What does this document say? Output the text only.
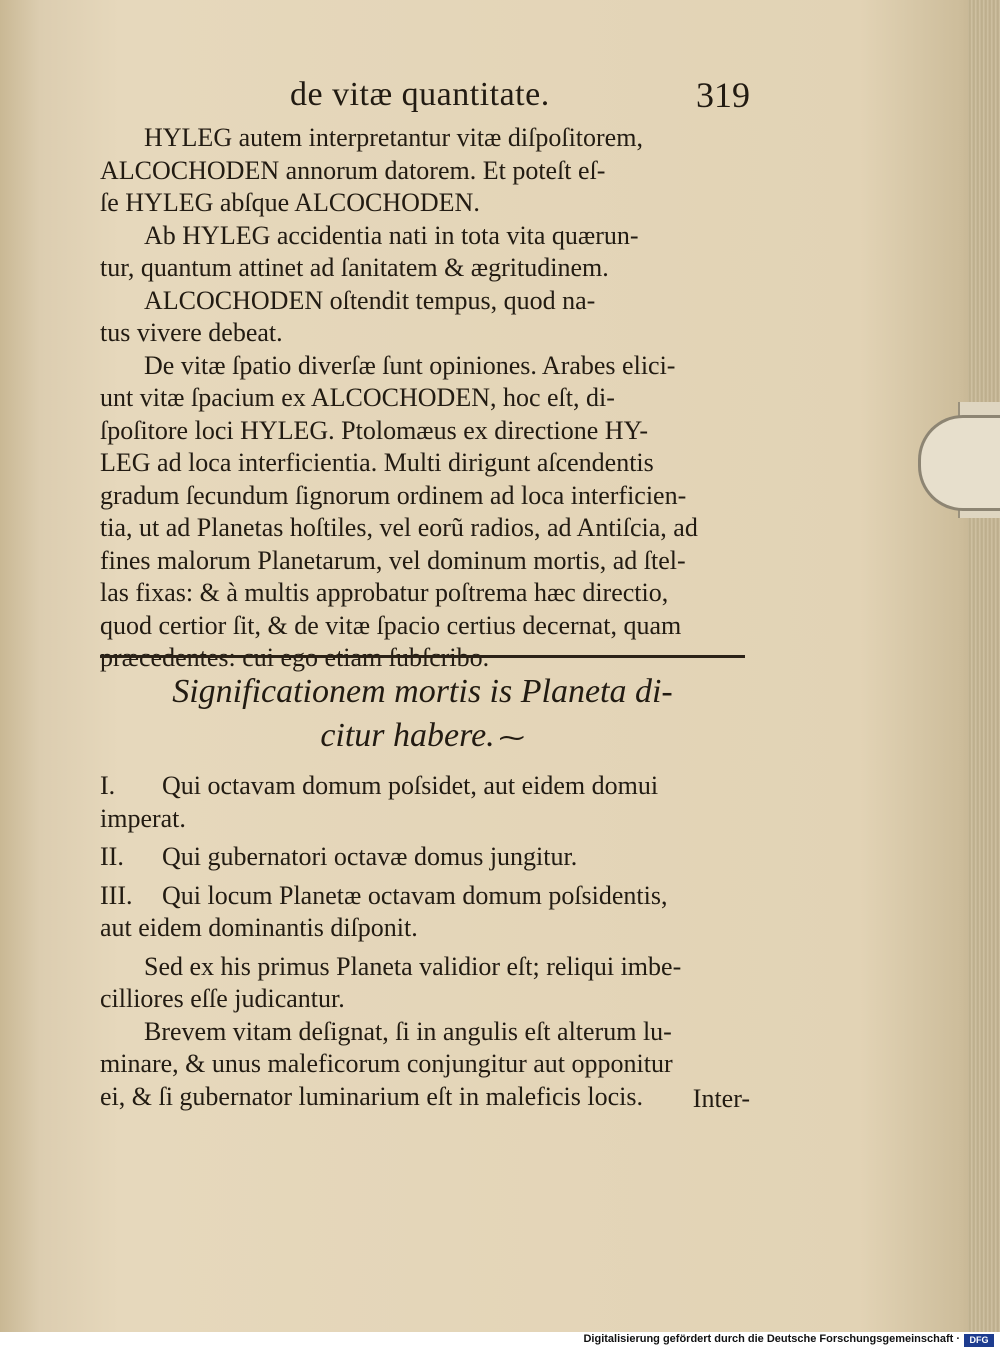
de vitæ quantitate.	319

HYLEG autem interpretantur vitæ diſpoſitorem,
ALCOCHODEN annorum datorem. Et poteſt eſ-
ſe HYLEG abſque ALCOCHODEN.

Ab HYLEG accidentia nati in tota vita quærun-
tur, quantum attinet ad ſanitatem & ægritudinem.

ALCOCHODEN oſtendit tempus, quod na-
tus vivere debeat.

De vitæ ſpatio diverſæ ſunt opiniones. Arabes elici-
unt vitæ ſpacium ex ALCOCHODEN, hoc eſt, di-
ſpoſitore loci HYLEG. Ptolomæus ex directione HY-
LEG ad loca interficientia. Multi dirigunt aſcendentis
gradum ſecundum ſignorum ordinem ad loca interficien-
tia, ut ad Planetas hoſtiles, vel eorũ radios, ad Antiſcia, ad
fines malorum Planetarum, vel dominum mortis, ad ſtel-
las fixas: & à multis approbatur poſtrema hæc directio,
quod certior ſit, & de vitæ ſpacio certius decernat, quam
præcedentes: cui ego etiam ſubſcribo.

Significationem mortis is Planeta di-
citur habere. ⁓
I. Qui octavam domum poſsidet, aut eidem domui
imperat.
II. Qui gubernatori octavæ domus jungitur.
III. Qui locum Planetæ octavam domum poſsidentis,
aut eidem dominantis diſponit.

Sed ex his primus Planeta validior eſt; reliqui imbe-
cilliores eſſe judicantur.

Brevem vitam deſignat, ſi in angulis eſt alterum lu-
minare, & unus maleficorum conjungitur aut opponitur
ei, & ſi gubernator luminarium eſt in maleficis locis.	Inter-
Digitalisierung gefördert durch die Deutsche Forschungsgemeinschaft ·	DFG
